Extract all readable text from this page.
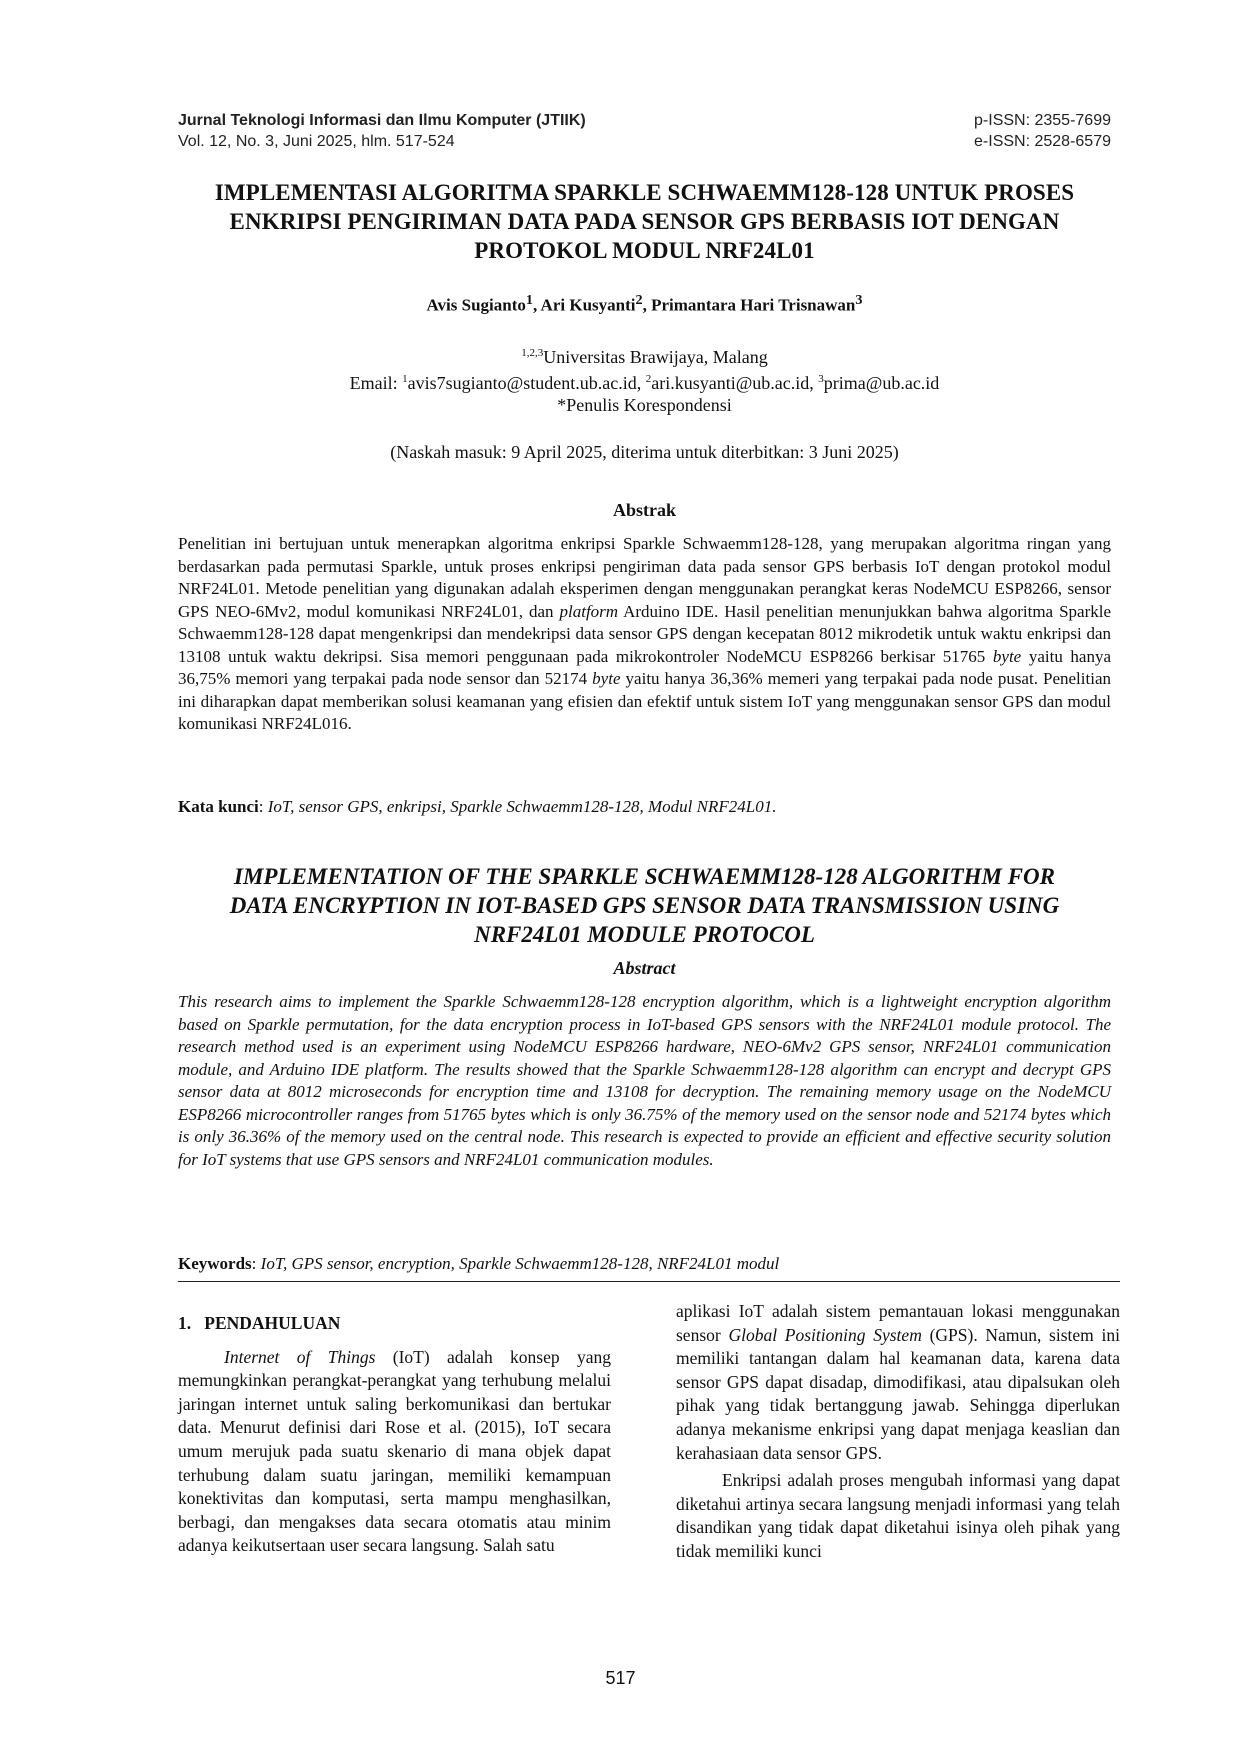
Jurnal Teknologi Informasi dan Ilmu Komputer (JTIIK)	p-ISSN: 2355-7699
Vol. 12, No. 3, Juni 2025, hlm. 517-524	e-ISSN: 2528-6579
IMPLEMENTASI ALGORITMA SPARKLE SCHWAEMM128-128 UNTUK PROSES
ENKRIPSI PENGIRIMAN DATA PADA SENSOR GPS BERBASIS IOT DENGAN
PROTOKOL MODUL NRF24L01
Avis Sugianto$^1$, Ari Kusyanti$^2$, Primantara Hari Trisnawan$^3$
$^{1,2,3}$Universitas Brawijaya, Malang
Email: $^1$avis7sugianto@student.ub.ac.id, $^2$ari.kusyanti@ub.ac.id, $^3$prima@ub.ac.id
*Penulis Korespondensi
(Naskah masuk: 9 April 2025, diterima untuk diterbitkan: 3 Juni 2025)
Abstrak
Penelitian ini bertujuan untuk menerapkan algoritma enkripsi Sparkle Schwaemm128-128, yang merupakan algoritma ringan yang berdasarkan pada permutasi Sparkle, untuk proses enkripsi pengiriman data pada sensor GPS berbasis IoT dengan protokol modul NRF24L01. Metode penelitian yang digunakan adalah eksperimen dengan menggunakan perangkat keras NodeMCU ESP8266, sensor GPS NEO-6Mv2, modul komunikasi NRF24L01, dan platform Arduino IDE. Hasil penelitian menunjukkan bahwa algoritma Sparkle Schwaemm128-128 dapat mengenkripsi dan mendekripsi data sensor GPS dengan kecepatan 8012 mikrodetik untuk waktu enkripsi dan 13108 untuk waktu dekripsi. Sisa memori penggunaan pada mikrokontroler NodeMCU ESP8266 berkisar 51765 byte yaitu hanya 36,75% memori yang terpakai pada node sensor dan 52174 byte yaitu hanya 36,36% memeri yang terpakai pada node pusat. Penelitian ini diharapkan dapat memberikan solusi keamanan yang efisien dan efektif untuk sistem IoT yang menggunakan sensor GPS dan modul komunikasi NRF24L016.
Kata kunci: IoT, sensor GPS, enkripsi, Sparkle Schwaemm128-128, Modul NRF24L01.
IMPLEMENTATION OF THE SPARKLE SCHWAEMM128-128 ALGORITHM FOR
DATA ENCRYPTION IN IOT-BASED GPS SENSOR DATA TRANSMISSION USING
NRF24L01 MODULE PROTOCOL
Abstract
This research aims to implement the Sparkle Schwaemm128-128 encryption algorithm, which is a lightweight encryption algorithm based on Sparkle permutation, for the data encryption process in IoT-based GPS sensors with the NRF24L01 module protocol. The research method used is an experiment using NodeMCU ESP8266 hardware, NEO-6Mv2 GPS sensor, NRF24L01 communication module, and Arduino IDE platform. The results showed that the Sparkle Schwaemm128-128 algorithm can encrypt and decrypt GPS sensor data at 8012 microseconds for encryption time and 13108 for decryption. The remaining memory usage on the NodeMCU ESP8266 microcontroller ranges from 51765 bytes which is only 36.75% of the memory used on the sensor node and 52174 bytes which is only 36.36% of the memory used on the central node. This research is expected to provide an efficient and effective security solution for IoT systems that use GPS sensors and NRF24L01 communication modules.
Keywords: IoT, GPS sensor, encryption, Sparkle Schwaemm128-128, NRF24L01 modul
1.   PENDAHULUAN
Internet of Things (IoT) adalah konsep yang memungkinkan perangkat-perangkat yang terhubung melalui jaringan internet untuk saling berkomunikasi dan bertukar data. Menurut definisi dari Rose et al. (2015), IoT secara umum merujuk pada suatu skenario di mana objek dapat terhubung dalam suatu jaringan, memiliki kemampuan konektivitas dan komputasi, serta mampu menghasilkan, berbagi, dan mengakses data secara otomatis atau minim adanya keikutsertaan user secara langsung. Salah satu
aplikasi IoT adalah sistem pemantauan lokasi menggunakan sensor Global Positioning System (GPS). Namun, sistem ini memiliki tantangan dalam hal keamanan data, karena data sensor GPS dapat disadap, dimodifikasi, atau dipalsukan oleh pihak yang tidak bertanggung jawab. Sehingga diperlukan adanya mekanisme enkripsi yang dapat menjaga keaslian dan kerahasiaan data sensor GPS.
Enkripsi adalah proses mengubah informasi yang dapat diketahui artinya secara langsung menjadi informasi yang telah disandikan yang tidak dapat diketahui isinya oleh pihak yang tidak memiliki kunci
517
